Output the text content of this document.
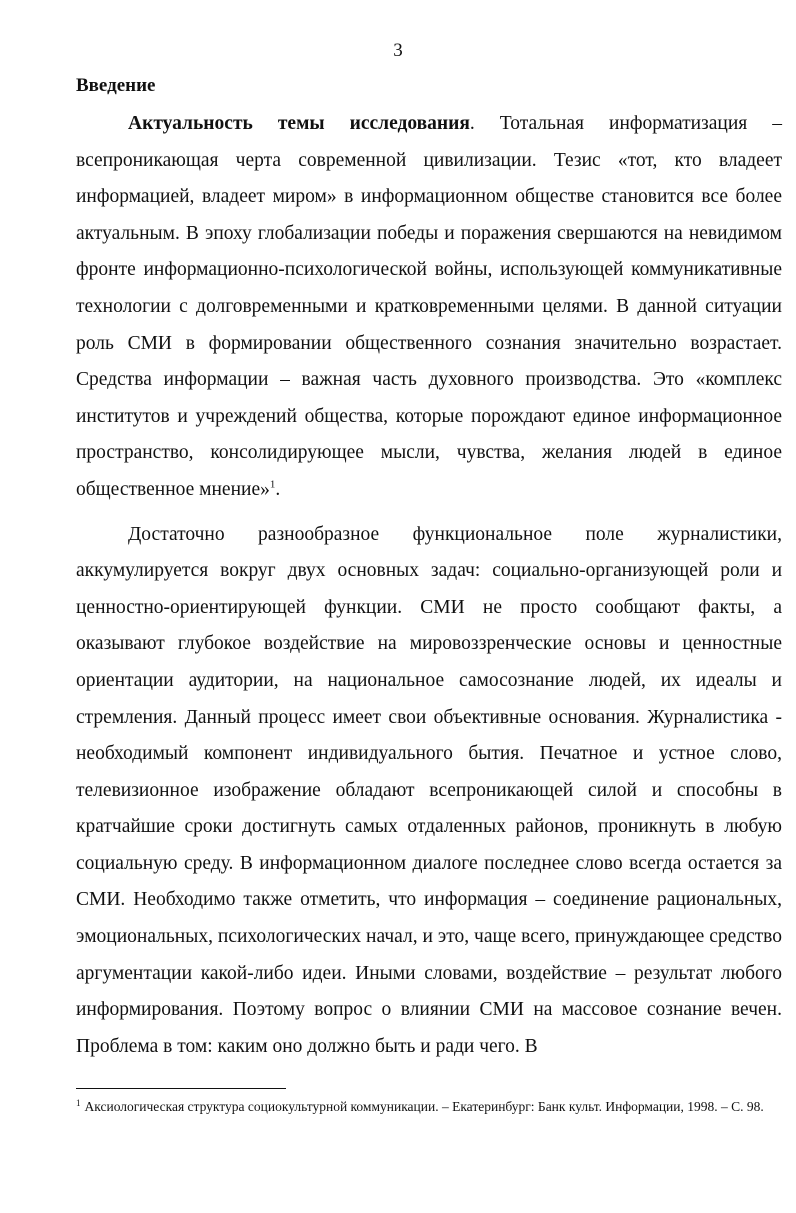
3
Введение

Актуальность темы исследования. Тотальная информатизация – всепроникающая черта современной цивилизации. Тезис «тот, кто владеет информацией, владеет миром» в информационном обществе становится все более актуальным. В эпоху глобализации победы и поражения свершаются на невидимом фронте информационно-психологической войны, использующей коммуникативные технологии с долговременными и кратковременными целями. В данной ситуации роль СМИ в формировании общественного сознания значительно возрастает. Средства информации – важная часть духовного производства. Это «комплекс институтов и учреждений общества, которые порождают единое информационное пространство, консолидирующее мысли, чувства, желания людей в единое общественное мнение»$^1$.

Достаточно разнообразное функциональное поле журналистики, аккумулируется вокруг двух основных задач: социально-организующей роли и ценностно-ориентирующей функции. СМИ не просто сообщают факты, а оказывают глубокое воздействие на мировоззренческие основы и ценностные ориентации аудитории, на национальное самосознание людей, их идеалы и стремления. Данный процесс имеет свои объективные основания. Журналистика - необходимый компонент индивидуального бытия. Печатное и устное слово, телевизионное изображение обладают всепроникающей силой и способны в кратчайшие сроки достигнуть самых отдаленных районов, проникнуть в любую социальную среду. В информационном диалоге последнее слово всегда остается за СМИ. Необходимо также отметить, что информация – соединение рациональных, эмоциональных, психологических начал, и это, чаще всего, принуждающее средство аргументации какой-либо идеи. Иными словами, воздействие – результат любого информирования. Поэтому вопрос о влиянии СМИ на массовое сознание вечен. Проблема в том: каким оно должно быть и ради чего. В

$^1$ Аксиологическая структура социокультурной коммуникации. – Екатеринбург: Банк культ. Информации, 1998. – С. 98.
